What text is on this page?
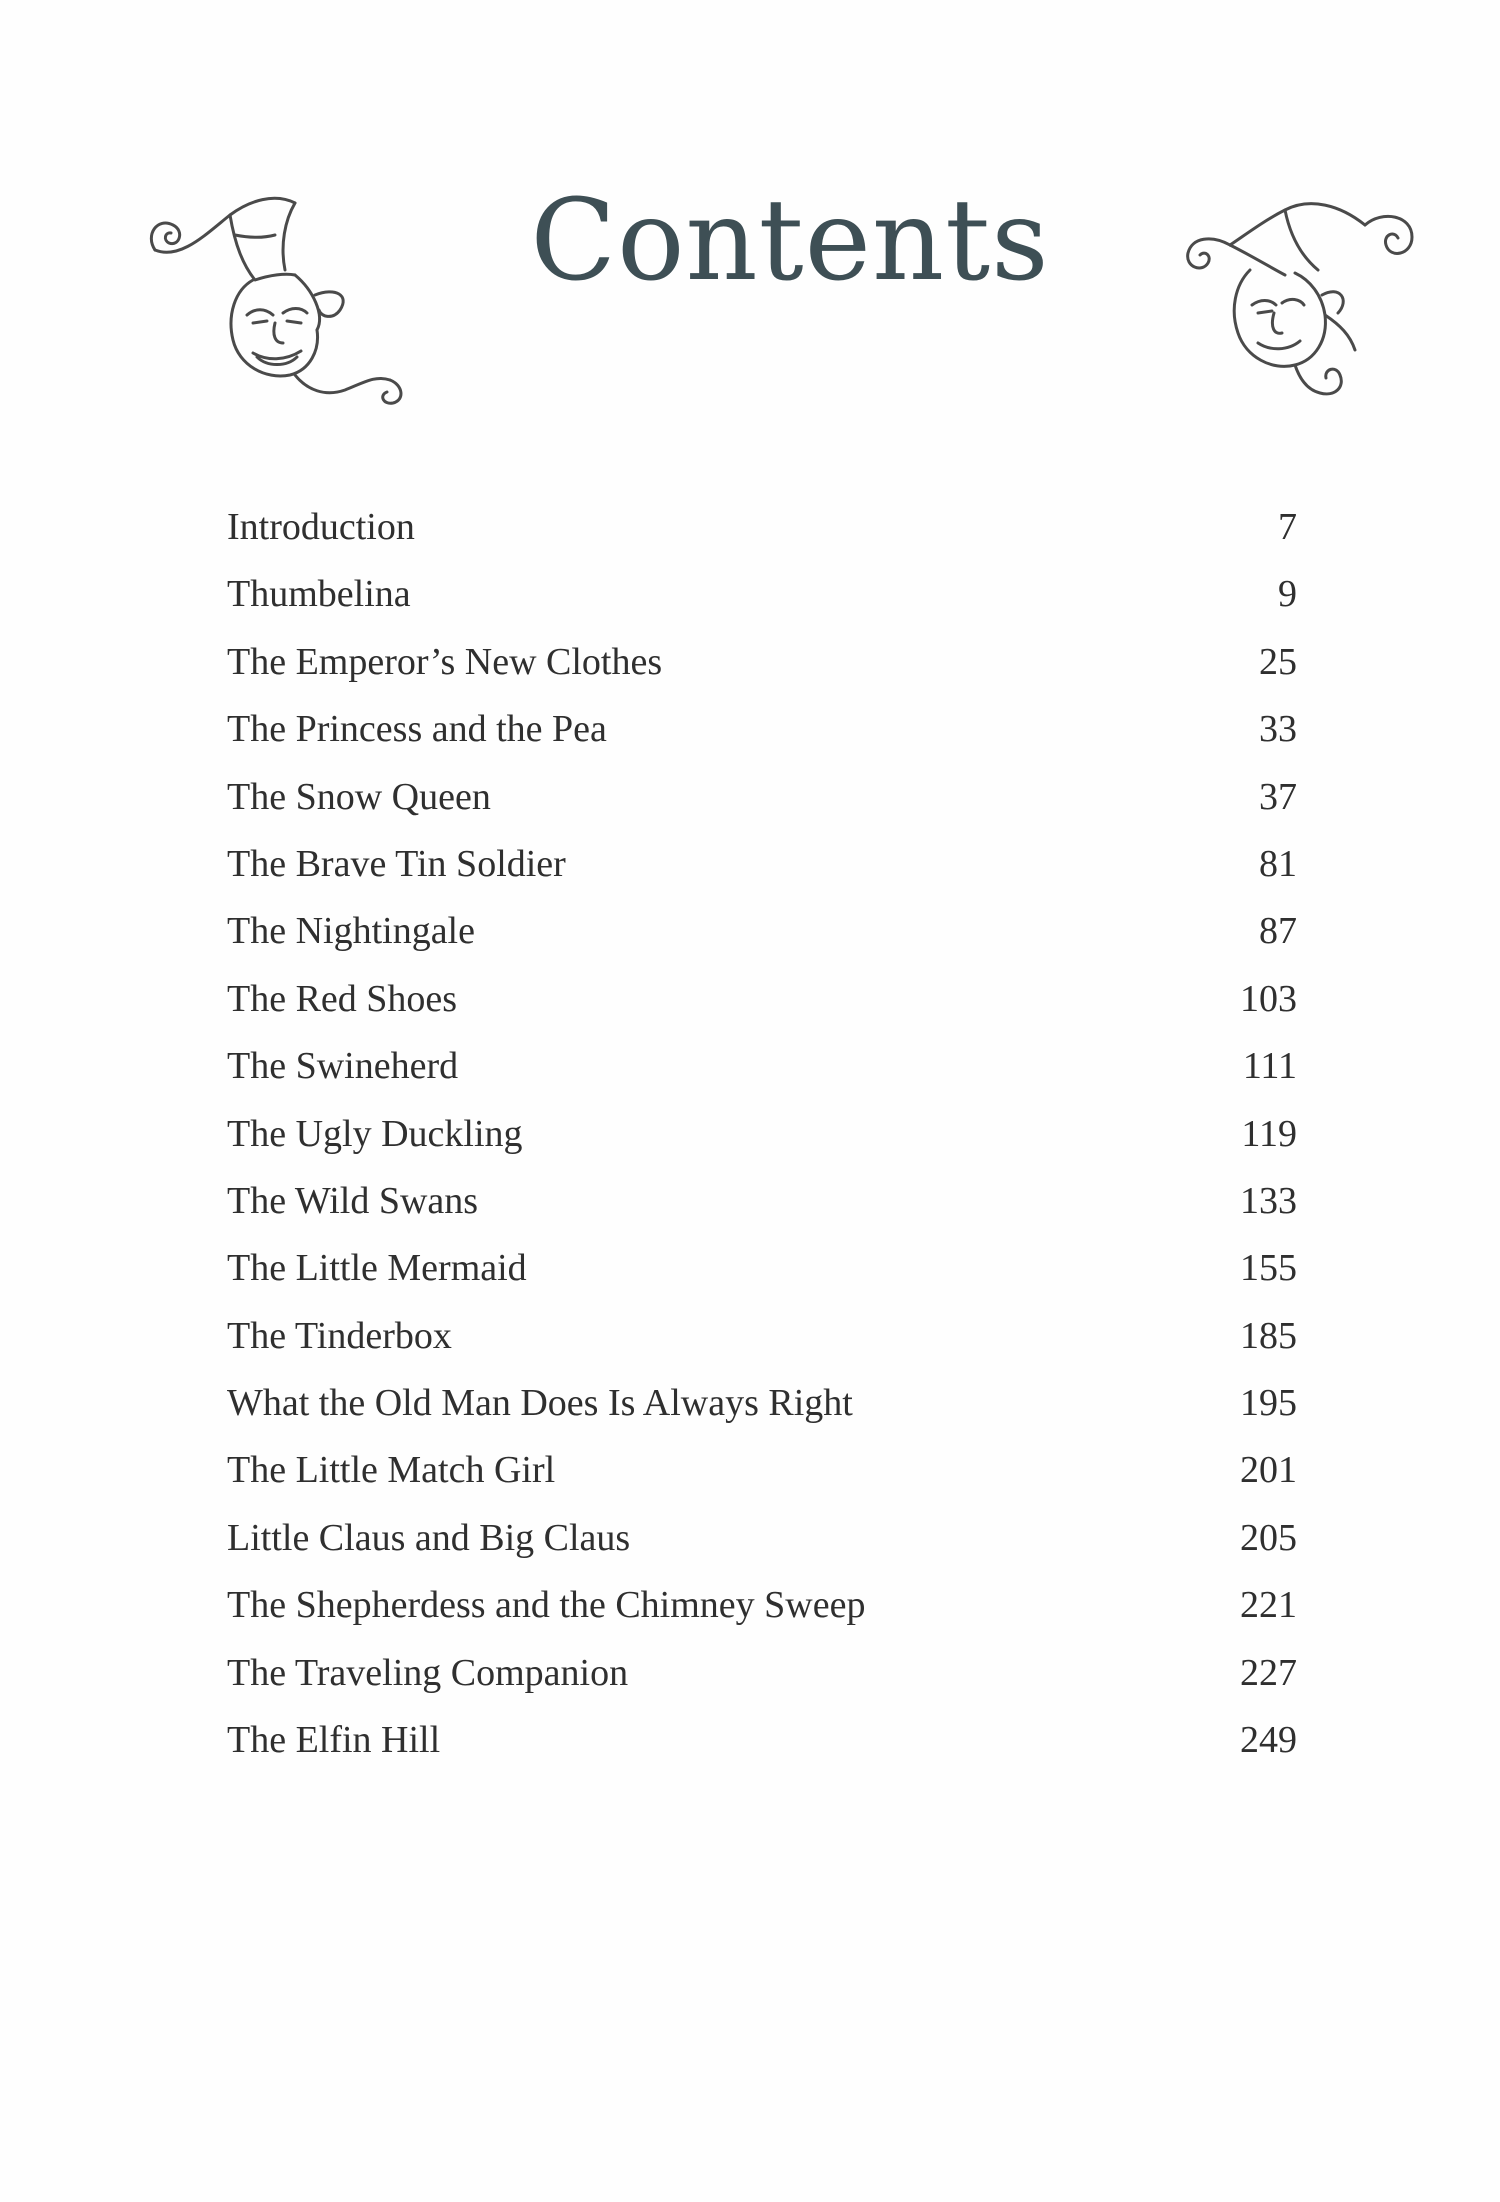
Contents
Introduction	7
Thumbelina	9
The Emperor’s New Clothes	25
The Princess and the Pea	33
The Snow Queen	37
The Brave Tin Soldier	81
The Nightingale	87
The Red Shoes	103
The Swineherd	111
The Ugly Duckling	119
The Wild Swans	133
The Little Mermaid	155
The Tinderbox	185
What the Old Man Does Is Always Right	195
The Little Match Girl	201
Little Claus and Big Claus	205
The Shepherdess and the Chimney Sweep	221
The Traveling Companion	227
The Elfin Hill	249
